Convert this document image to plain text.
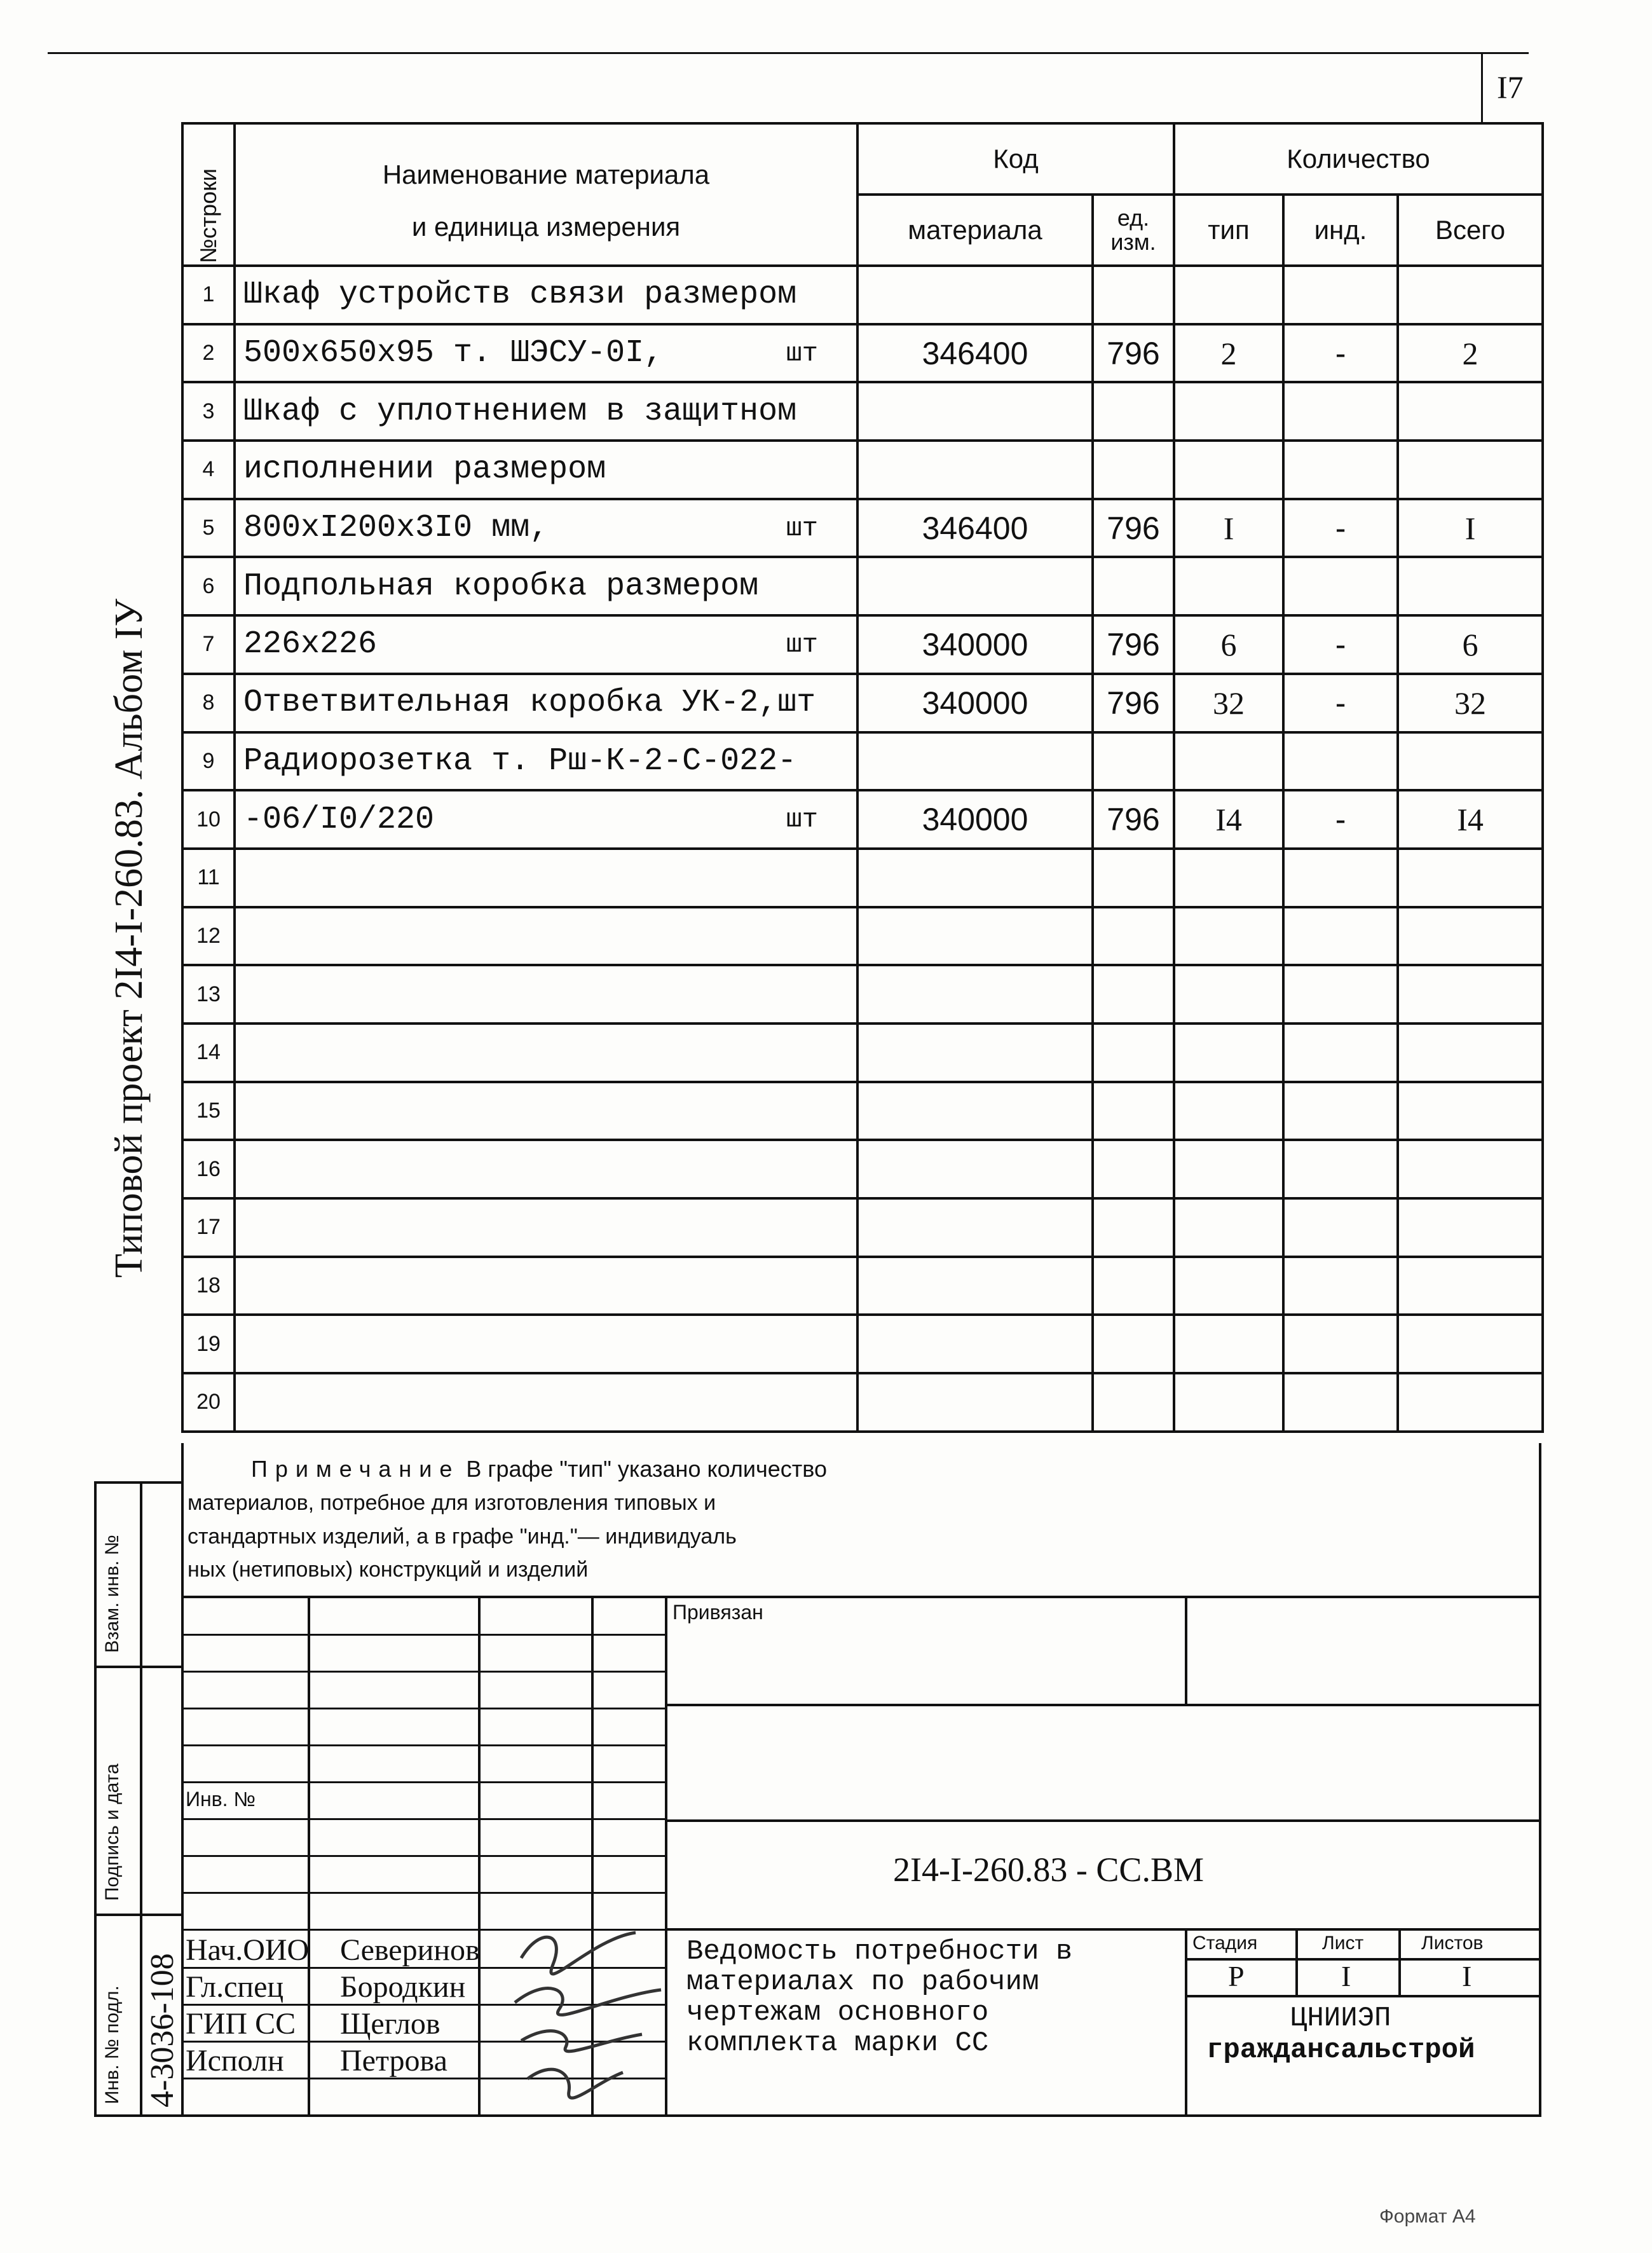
I7
Типовой проект 2I4-I-260.83. Альбом IУ
№строки	Наименование материала
и единица измерения	Код		Количество		
		материала	ед. изм.	тип	инд.	Всего
1	Шкаф устройств связи размером

2	500х650х95 т. ШЭСУ-0I, шт	346400	796	2	-	2
3	Шкаф с уплотнением в защитном

4	исполнении размером

5	800хI200х3I0 мм, шт	346400	796	I	-	I
6	Подпольная коробка размером

7	226х226 шт	340000	796	6	-	6
8	Ответвительная коробка УК-2,шт	340000	796	32	-	32
9	Радиорозетка т. Рш-К-2-С-022-

10	-06/I0/220 шт	340000	796	I4	-	I4
11	

12	

13	

14	

15	

16	

17	

18	

19	

20	

Примечание В графе "тип" указано количество
материалов, потребное для изготовления типовых и
стандартных изделий, а в графе "инд."— индивидуаль
ных (нетиповых) конструкций и изделий
Взам. инв. №
Подпись и дата
Инв. № подл. 4-3036-108
Привязан
Инв. №
2I4-I-260.83 - СС.ВМ
Ведомость потребности в
материалах по рабочим
чертежам основного
комплекта марки СС
Стадия	Лист	Листов
Р	I	I
ЦНИИЭП
граждансальстрой
Нач.ОИО Северинов
Гл.спец Бородкин
ГИП СС Щеглов
Исполн Петрова
Формат А4
